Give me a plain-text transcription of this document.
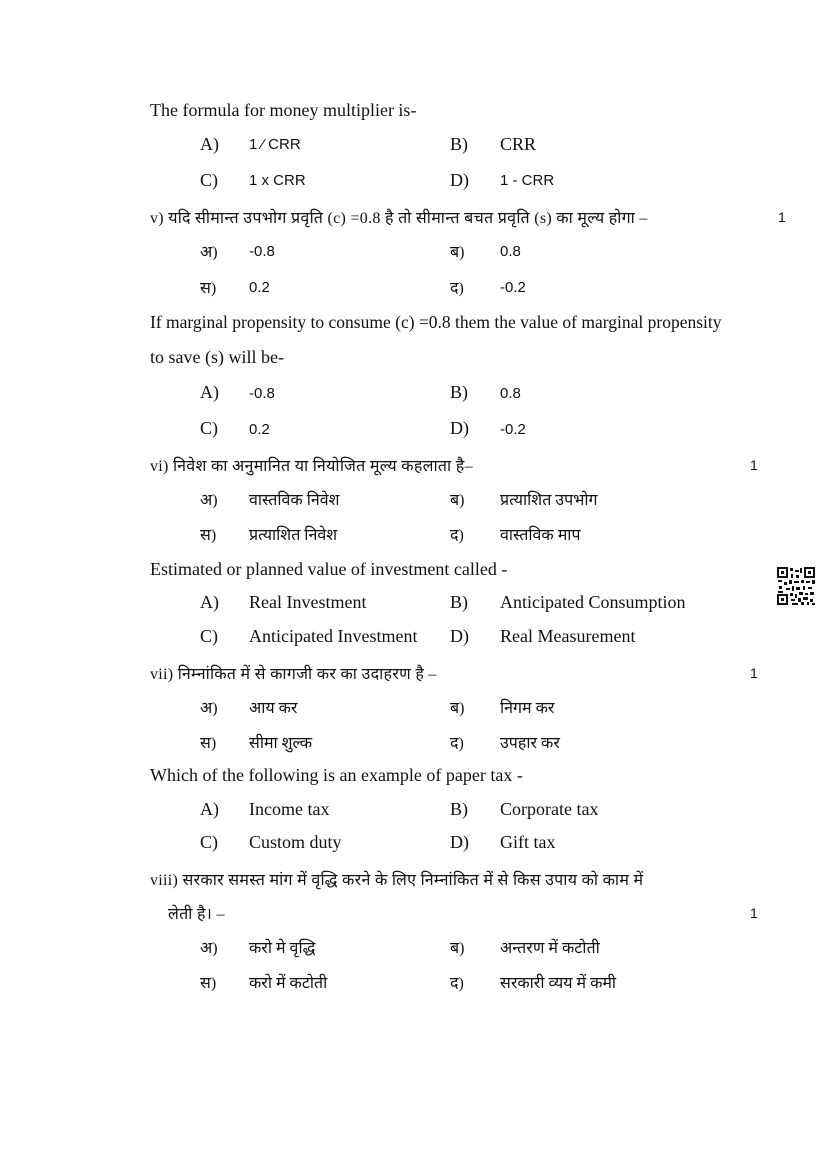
The formula for money multiplier is-
A) 1 ⁄ CRR	B) CRR
C) 1 x CRR	D) 1 - CRR
v) यदि सीमान्त उपभोग प्रवृति (c) =0.8 है तो सीमान्त बचत प्रवृति (s) का मूल्य होगा –	1
अ) -0.8	ब) 0.8
स) 0.2	द) -0.2
If marginal propensity to consume (c) =0.8 them the value of marginal propensity
to save (s) will be-
A) -0.8	B) 0.8
C) 0.2	D) -0.2
vi) निवेश का अनुमानित या नियोजित मूल्य कहलाता है–	1
अ) वास्तविक निवेश	ब) प्रत्याशित उपभोग
स) प्रत्याशित निवेश	द) वास्तविक माप
Estimated or planned value of investment called -
A) Real Investment	B) Anticipated Consumption
C) Anticipated Investment D) Real Measurement
vii) निम्नांकित में से कागजी कर का उदाहरण है –	1
अ) आय कर	ब) निगम कर
स) सीमा शुल्क	द) उपहार कर
Which of the following is an example of paper tax -
A) Income tax	B) Corporate tax
C) Custom duty	D) Gift tax
viii) सरकार समस्त मांग में वृद्धि करने के लिए निम्नांकित में से किस उपाय को काम में
लेती है। –	1
अ) करो मे वृद्धि	ब) अन्तरण में कटोती
स) करो में कटोती	द) सरकारी व्यय में कमी
